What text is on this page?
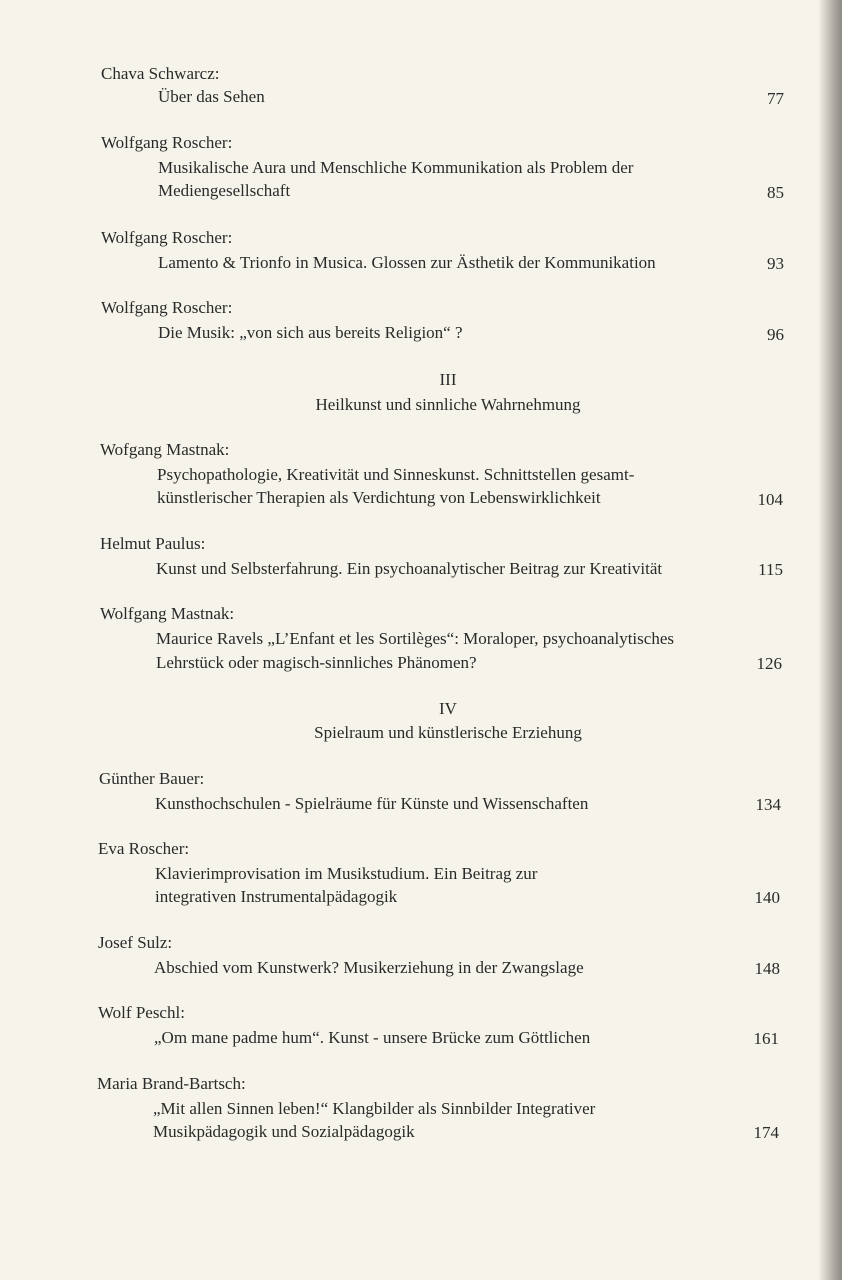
Chava Schwarcz:
Über das Sehen	77
Wolfgang Roscher:
Musikalische Aura und Menschliche Kommunikation als Problem der
Mediengesellschaft	85
Wolfgang Roscher:
Lamento & Trionfo in Musica. Glossen zur Ästhetik der Kommunikation	93
Wolfgang Roscher:
Die Musik: „von sich aus bereits Religion“ ?	96
III
Heilkunst und sinnliche Wahrnehmung
Wofgang Mastnak:
Psychopathologie, Kreativität und Sinneskunst. Schnittstellen gesamt-
künstlerischer Therapien als Verdichtung von Lebenswirklichkeit	104
Helmut Paulus:
Kunst und Selbsterfahrung. Ein psychoanalytischer Beitrag zur Kreativität	115
Wolfgang Mastnak:
Maurice Ravels „L’Enfant et les Sortilèges“: Moraloper, psychoanalytisches
Lehrstück oder magisch-sinnliches Phänomen?	126
IV
Spielraum und künstlerische Erziehung
Günther Bauer:
Kunsthochschulen - Spielräume für Künste und Wissenschaften	134
Eva Roscher:
Klavierimprovisation im Musikstudium. Ein Beitrag zur
integrativen Instrumentalpädagogik	140
Josef Sulz:
Abschied vom Kunstwerk? Musikerziehung in der Zwangslage	148
Wolf Peschl:
„Om mane padme hum“. Kunst - unsere Brücke zum Göttlichen	161
Maria Brand-Bartsch:
„Mit allen Sinnen leben!“ Klangbilder als Sinnbilder Integrativer
Musikpädagogik und Sozialpädagogik	174
